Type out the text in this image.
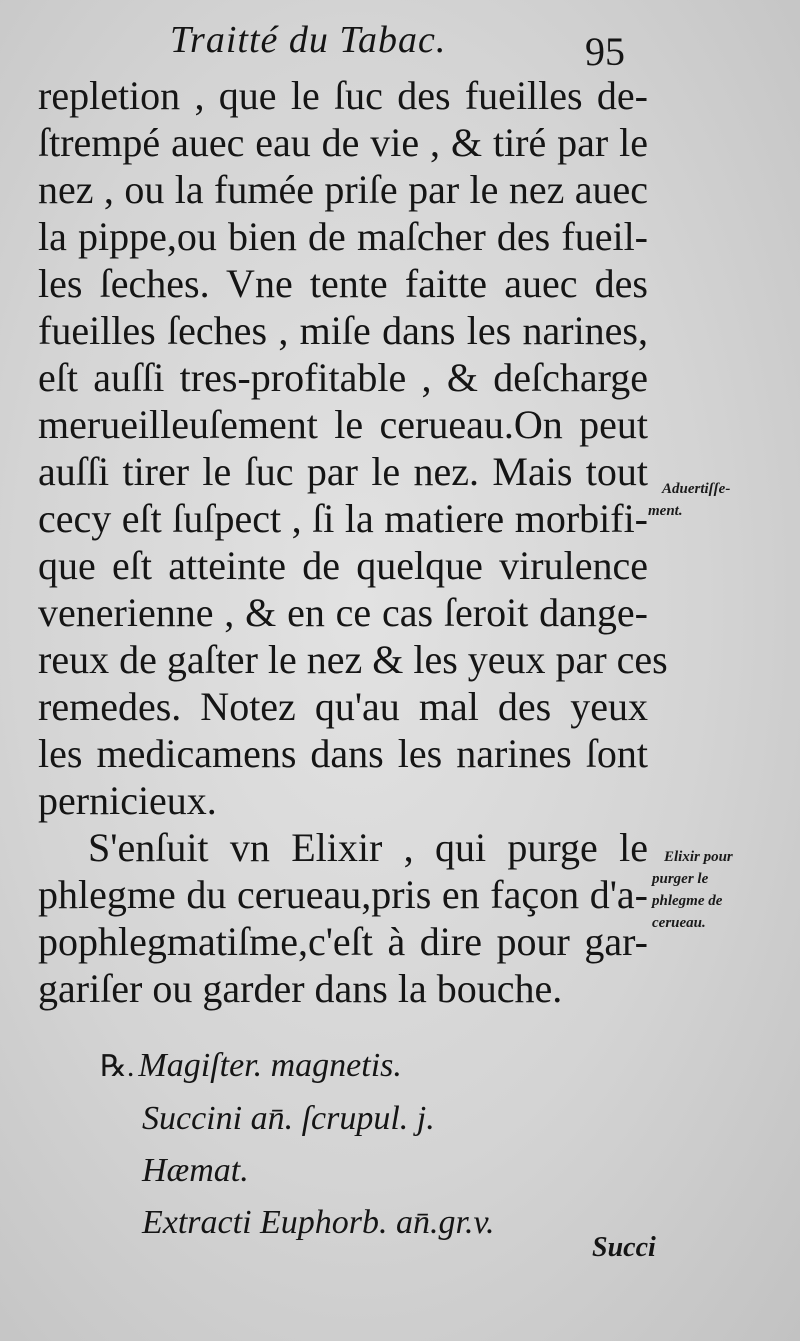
Traitté du Tabac.	95
repletion , que le ſuc des fueilles de-
ſtrempé auec eau de vie , & tiré par le
nez , ou la fumée priſe par le nez auec
la pippe,ou bien de maſcher des fueil-
les ſeches. Vne tente faitte auec des
fueilles ſeches , miſe dans les narines,
eſt auſſi tres-profitable , & deſcharge
merueilleuſement le cerueau.On peut
auſſi tirer le ſuc par le nez. Mais tout
cecy eſt ſuſpect , ſi la matiere morbifi-
que eſt atteinte de quelque virulence
venerienne , & en ce cas ſeroit dange-
reux de gaſter le nez & les yeux par ces
remedes. Notez qu'au mal des yeux
les medicamens dans les narines ſont
pernicieux.
S'enſuit vn Elixir , qui purge le
phlegme du cerueau,pris en façon d'a-
pophlegmatiſme,c'eſt à dire pour gar-
gariſer ou garder dans la bouche.
℞. Magiſter. magnetis.
Succini an̄. ſcrupul. j.
Hæmat.
Extracti Euphorb. an̄.gr.v.
Aduertiſſe-
ment.
Elixir pour
purger le
phlegme de
cerueau.
Succi
